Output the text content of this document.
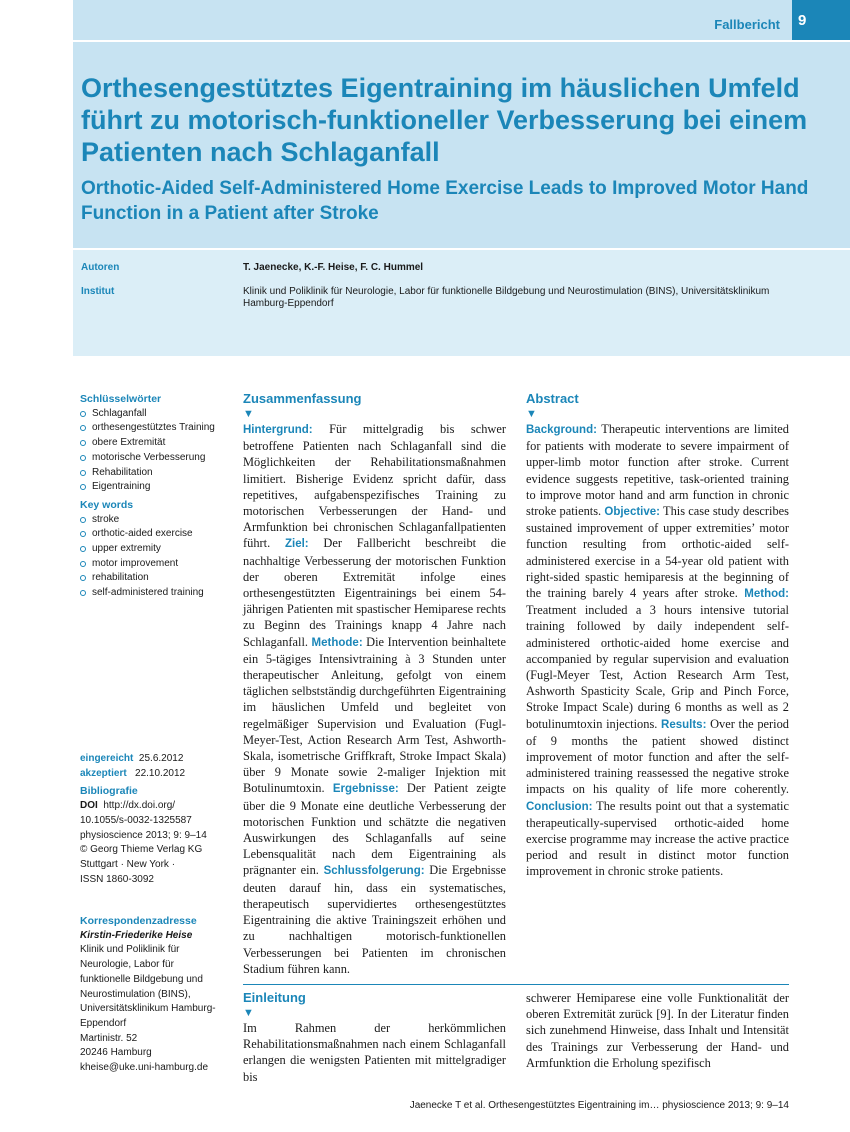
Fallbericht	9
Orthesengestütztes Eigentraining im häuslichen Umfeld führt zu motorisch-funktioneller Verbesserung bei einem Patienten nach Schlaganfall
Orthotic-Aided Self-Administered Home Exercise Leads to Improved Motor Hand Function in a Patient after Stroke
Autoren	T. Jaenecke, K.-F. Heise, F. C. Hummel
Institut	Klinik und Poliklinik für Neurologie, Labor für funktionelle Bildgebung und Neurostimulation (BINS), Universitätsklinikum Hamburg-Eppendorf
Schlüsselwörter
Schlaganfall
orthesengestütztes Training
obere Extremität
motorische Verbesserung
Rehabilitation
Eigentraining
Key words
stroke
orthotic-aided exercise
upper extremity
motor improvement
rehabilitation
self-administered training
eingereicht 25.6.2012
akzeptiert 22.10.2012
Bibliografie
DOI http://dx.doi.org/
10.1055/s-0032-1325587
physioscience 2013; 9: 9–14
© Georg Thieme Verlag KG
Stuttgart · New York ·
ISSN 1860-3092
Korrespondenzadresse
Kirstin-Friederike Heise
Klinik und Poliklinik für
Neurologie, Labor für
funktionelle Bildgebung und
Neurostimulation (BINS),
Universitätsklinikum Hamburg-
Eppendorf
Martinistr. 52
20246 Hamburg
kheise@uke.uni-hamburg.de
Zusammenfassung
▼
Hintergrund: Für mittelgradig bis schwer betroffene Patienten nach Schlaganfall sind die Möglichkeiten der Rehabilitationsmaßnahmen limitiert. Bisherige Evidenz spricht dafür, dass repetitives, aufgabenspezifisches Training zu motorischen Verbesserungen der Hand- und Armfunktion bei chronischen Schlaganfallpatienten führt. Ziel: Der Fallbericht beschreibt die nachhaltige Verbesserung der motorischen Funktion der oberen Extremität infolge eines orthesengestützten Eigentrainings bei einem 54-jährigen Patienten mit spastischer Hemiparese rechts zu Beginn des Trainings knapp 4 Jahre nach Schlaganfall. Methode: Die Intervention beinhaltete ein 5-tägiges Intensivtraining à 3 Stunden unter therapeutischer Anleitung, gefolgt von einem täglichen selbstständig durchgeführten Eigentraining im häuslichen Umfeld und begleitet von regelmäßiger Supervision und Evaluation (Fugl-Meyer-Test, Action Research Arm Test, Ashworth-Skala, isometrische Griffkraft, Stroke Impact Skala) über 9 Monate sowie 2-maliger Injektion mit Botulinumtoxin. Ergebnisse: Der Patient zeigte über die 9 Monate eine deutliche Verbesserung der motorischen Funktion und schätzte die negativen Auswirkungen des Schlaganfalls auf seine Lebensqualität nach dem Eigentraining als prägnanter ein. Schlussfolgerung: Die Ergebnisse deuten darauf hin, dass ein systematisches, therapeutisch supervidiertes orthesengestütztes Eigentraining die aktive Trainingszeit erhöhen und zu nachhaltigen motorisch-funktionellen Verbesserungen bei Patienten im chronischen Stadium führen kann.
Abstract
▼
Background: Therapeutic interventions are limited for patients with moderate to severe impairment of upper-limb motor function after stroke. Current evidence suggests repetitive, task-oriented training to improve motor hand and arm function in chronic stroke patients. Objective: This case study describes sustained improvement of upper extremities’ motor function resulting from orthotic-aided self-administered exercise in a 54-year old patient with right-sided spastic hemiparesis at the beginning of the training barely 4 years after stroke. Method: Treatment included a 3 hours intensive tutorial training followed by daily independent self-administered orthotic-aided home exercise and accompanied by regular supervision and evaluation (Fugl-Meyer Test, Action Research Arm Test, Ashworth Spasticity Scale, Grip and Pinch Force, Stroke Impact Scale) during 6 months as well as 2 botulinumtoxin injections. Results: Over the period of 9 months the patient showed distinct improvement of motor function and after the self-administered training reassessed the negative stroke impacts on his quality of life more coherently. Conclusion: The results point out that a systematic therapeutically-supervised orthotic-aided home exercise programme may increase the active practice period and result in distinct motor function improvement in chronic stroke patients.
Einleitung
▼
Im Rahmen der herkömmlichen Rehabilitationsmaßnahmen nach einem Schlaganfall erlangen die wenigsten Patienten mit mittelgradiger bis
schwerer Hemiparese eine volle Funktionalität der oberen Extremität zurück [9]. In der Literatur finden sich zunehmend Hinweise, dass Inhalt und Intensität des Trainings zur Verbesserung der Hand- und Armfunktion die Erholung spezifisch
Jaenecke T et al. Orthesengestütztes Eigentraining im… physioscience 2013; 9: 9–14
